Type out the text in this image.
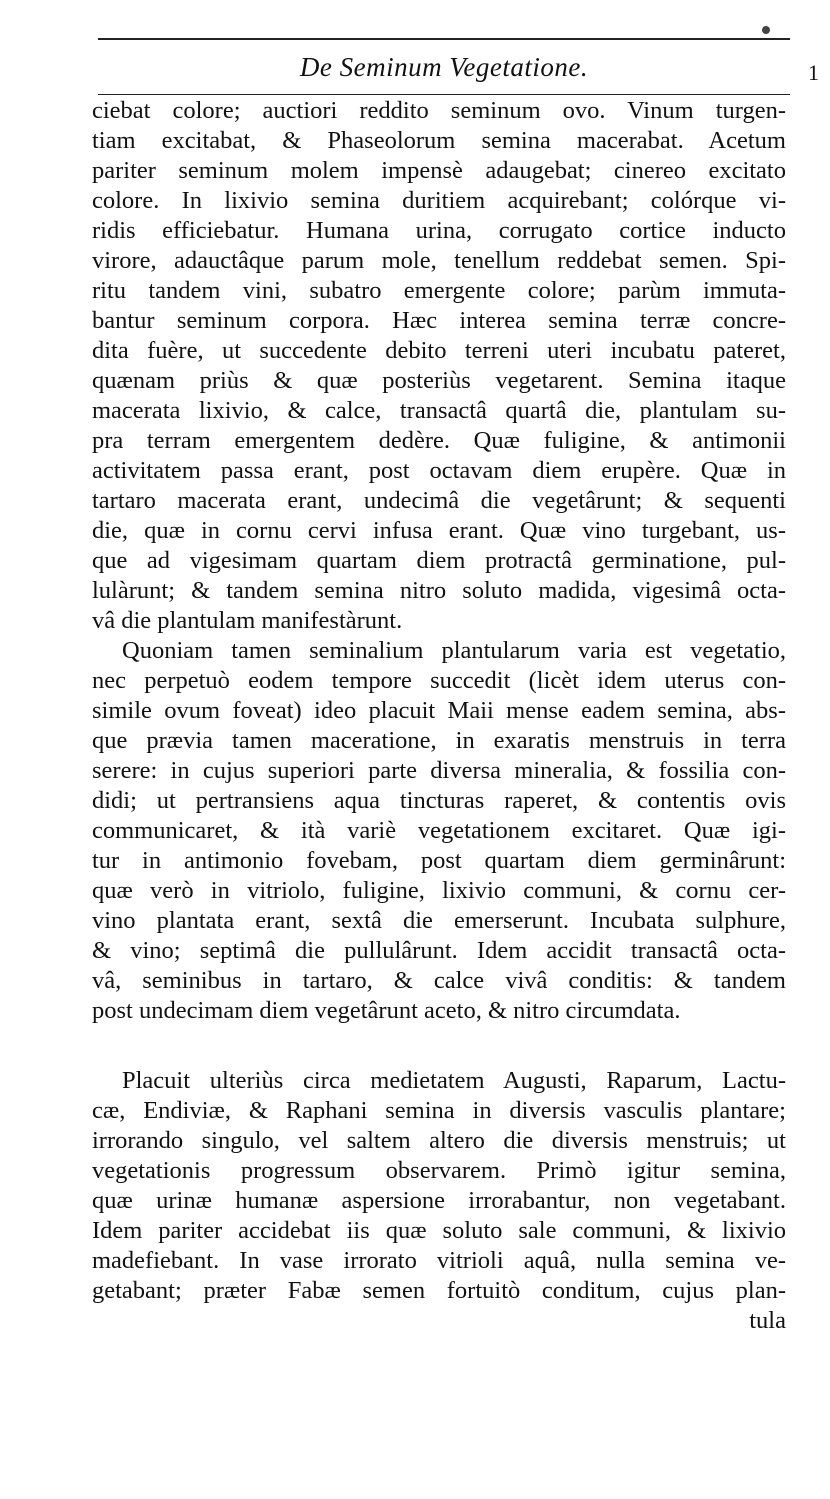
De Seminum Vegetatione.	1
ciebat colore; auctiori reddito seminum ovo. Vinum turgen-
tiam excitabat, & Phaseolorum semina macerabat. Acetum
pariter seminum molem impensè adaugebat; cinereo excitato
colore. In lixivio semina duritiem acquirebant; colórque vi-
ridis efficiebatur. Humana urina, corrugato cortice inducto
virore, adauctâque parum mole, tenellum reddebat semen. Spi-
ritu tandem vini, subatro emergente colore; parùm immuta-
bantur seminum corpora. Hæc interea semina terræ concre-
dita fuère, ut succedente debito terreni uteri incubatu pateret,
quænam priùs & quæ posteriùs vegetarent. Semina itaque
macerata lixivio, & calce, transactâ quartâ die, plantulam su-
pra terram emergentem dedère. Quæ fuligine, & antimonii
activitatem passa erant, post octavam diem erupère. Quæ in
tartaro macerata erant, undecimâ die vegetârunt; & sequenti
die, quæ in cornu cervi infusa erant. Quæ vino turgebant, us-
que ad vigesimam quartam diem protractâ germinatione, pul-
lulàrunt; & tandem semina nitro soluto madida, vigesimâ octa-
vâ die plantulam manifestàrunt.
Quoniam tamen seminalium plantularum varia est vegetatio,
nec perpetuò eodem tempore succedit (licèt idem uterus con-
simile ovum foveat) ideo placuit Maii mense eadem semina, abs-
que prævia tamen maceratione, in exaratis menstruis in terra
serere: in cujus superiori parte diversa mineralia, & fossilia con-
didi; ut pertransiens aqua tincturas raperet, & contentis ovis
communicaret, & ità variè vegetationem excitaret. Quæ igi-
tur in antimonio fovebam, post quartam diem germinârunt:
quæ verò in vitriolo, fuligine, lixivio communi, & cornu cer-
vino plantata erant, sextâ die emerserunt. Incubata sulphure,
& vino; septimâ die pullulârunt. Idem accidit transactâ octa-
vâ, seminibus in tartaro, & calce vivâ conditis: & tandem
post undecimam diem vegetârunt aceto, & nitro circumdata.
Placuit ulteriùs circa medietatem Augusti, Raparum, Lactu-
cæ, Endiviæ, & Raphani semina in diversis vasculis plantare;
irrorando singulo, vel saltem altero die diversis menstruis; ut
vegetationis progressum observarem. Primò igitur semina,
quæ urinæ humanæ aspersione irrorabantur, non vegetabant.
Idem pariter accidebat iis quæ soluto sale communi, & lixivio
madefiebant. In vase irrorato vitrioli aquâ, nulla semina ve-
getabant; præter Fabæ semen fortuitò conditum, cujus plan-
tula
